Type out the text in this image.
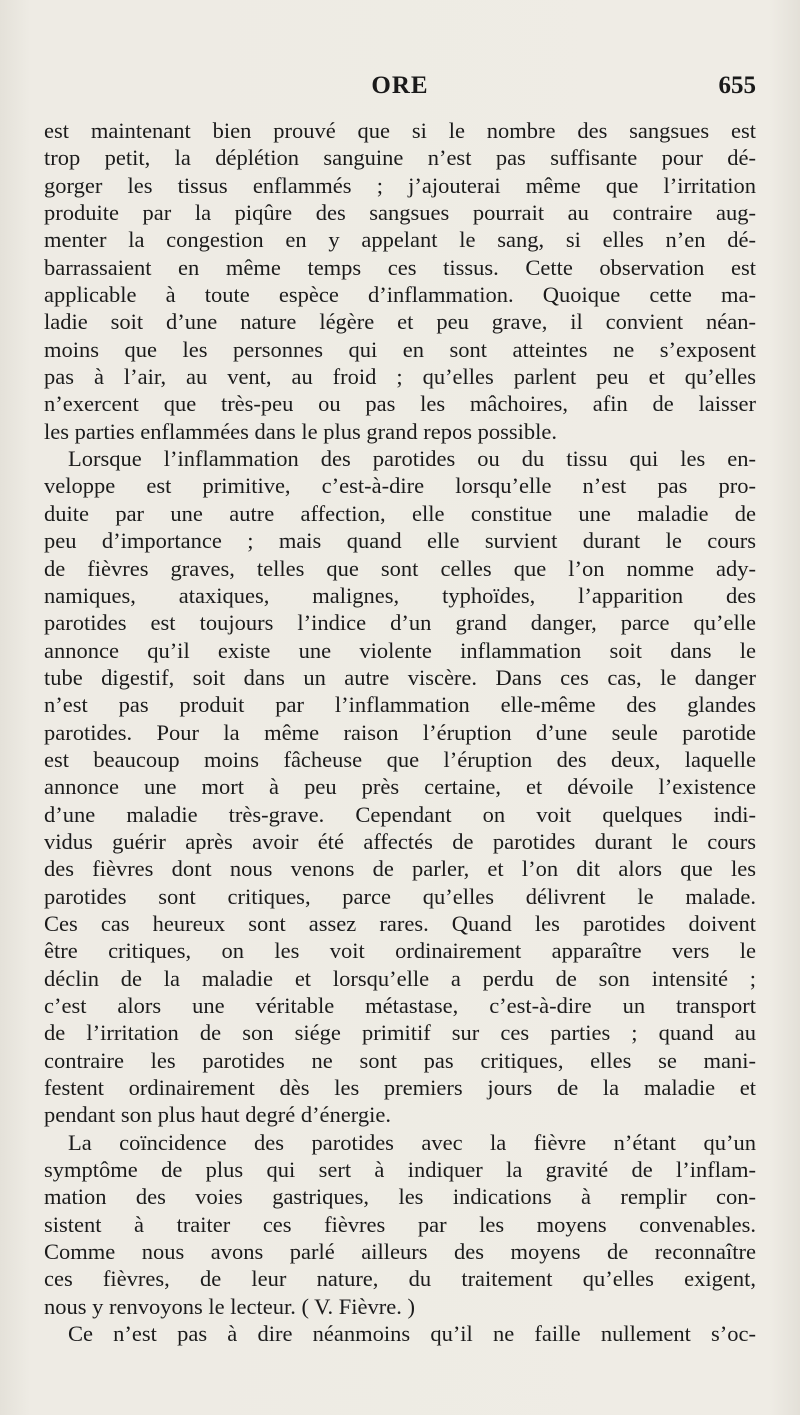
ORE	655
est maintenant bien prouvé que si le nombre des sangsues est
trop petit, la déplétion sanguine n’est pas suffisante pour dé-
gorger les tissus enflammés ; j’ajouterai même que l’irritation
produite par la piqûre des sangsues pourrait au contraire aug-
menter la congestion en y appelant le sang, si elles n’en dé-
barrassaient en même temps ces tissus. Cette observation est
applicable à toute espèce d’inflammation. Quoique cette ma-
ladie soit d’une nature légère et peu grave, il convient néan-
moins que les personnes qui en sont atteintes ne s’exposent
pas à l’air, au vent, au froid ; qu’elles parlent peu et qu’elles
n’exercent que très-peu ou pas les mâchoires, afin de laisser
les parties enflammées dans le plus grand repos possible.
Lorsque l’inflammation des parotides ou du tissu qui les en-
veloppe est primitive, c’est-à-dire lorsqu’elle n’est pas pro-
duite par une autre affection, elle constitue une maladie de
peu d’importance ; mais quand elle survient durant le cours
de fièvres graves, telles que sont celles que l’on nomme ady-
namiques, ataxiques, malignes, typhoïdes, l’apparition des
parotides est toujours l’indice d’un grand danger, parce qu’elle
annonce qu’il existe une violente inflammation soit dans le
tube digestif, soit dans un autre viscère. Dans ces cas, le danger
n’est pas produit par l’inflammation elle-même des glandes
parotides. Pour la même raison l’éruption d’une seule parotide
est beaucoup moins fâcheuse que l’éruption des deux, laquelle
annonce une mort à peu près certaine, et dévoile l’existence
d’une maladie très-grave. Cependant on voit quelques indi-
vidus guérir après avoir été affectés de parotides durant le cours
des fièvres dont nous venons de parler, et l’on dit alors que les
parotides sont critiques, parce qu’elles délivrent le malade.
Ces cas heureux sont assez rares. Quand les parotides doivent
être critiques, on les voit ordinairement apparaître vers le
déclin de la maladie et lorsqu’elle a perdu de son intensité ;
c’est alors une véritable métastase, c’est-à-dire un transport
de l’irritation de son siége primitif sur ces parties ; quand au
contraire les parotides ne sont pas critiques, elles se mani-
festent ordinairement dès les premiers jours de la maladie et
pendant son plus haut degré d’énergie.
La coïncidence des parotides avec la fièvre n’étant qu’un
symptôme de plus qui sert à indiquer la gravité de l’inflam-
mation des voies gastriques, les indications à remplir con-
sistent à traiter ces fièvres par les moyens convenables.
Comme nous avons parlé ailleurs des moyens de reconnaître
ces fièvres, de leur nature, du traitement qu’elles exigent,
nous y renvoyons le lecteur. ( V. Fièvre. )
Ce n’est pas à dire néanmoins qu’il ne faille nullement s’oc-
